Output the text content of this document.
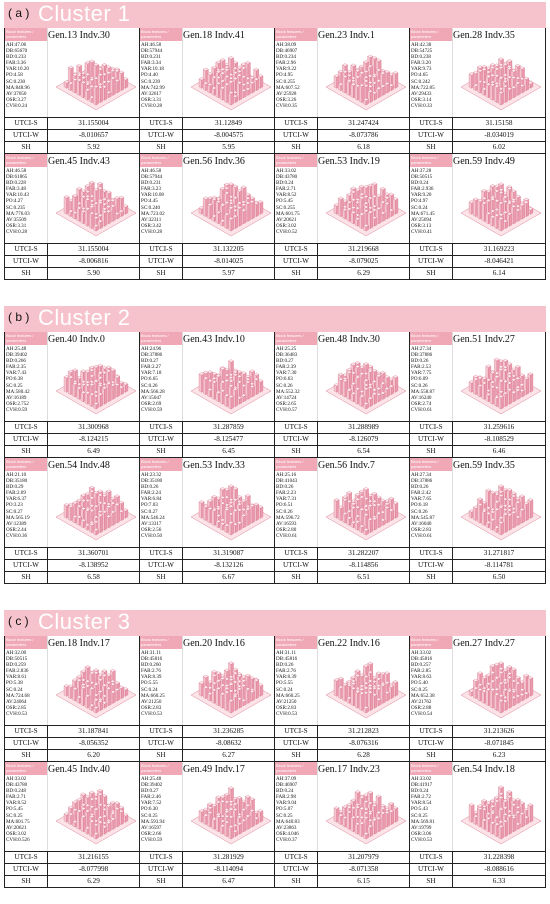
( a ) Cluster 1
Block features / parameters
AH:47.06
DB:65670
BD:0.233
FAR:3.36
VAR:10.20
PO:4.58
SC:0.230
MA:848.96
AV:37050
OSR:3.27
CVH:0.24
Gen.13 Indv.30
UTCI-S	31.155004
UTCI-W	-8.010657
SH	5.92
Block features / parameters
AH:46.58
DB:57944
BD:0.231
FAR:3.34
VAR:10.18
PO:4.40
SC:0.239
MA:742.99
AV:32617
OSR:3.31
CVH:0.28
Gen.18 Indv.41
UTCI-S	31.12849
UTCI-W	-8.004575
SH	5.95
Block features / parameters
AH:38.09
DB:46907
BD:0.234
FAR:2.96
VAR:9.22
PO:4.95
SC:0.255
MA:607.52
AV:25928
OSR:3.26
CVH:0.35
Gen.23 Indv.1
UTCI-S	31.247424
UTCI-W	-8.073786
SH	6.18
Block features / parameters
AH:42.38
DB:54725
BD:0.238
FAR:3.20
VAR:9.73
PO:4.65
SC:0.242
MA:722.85
AV:29433
OSR:3.14
CVH:0.33
Gen.28 Indv.35
UTCI-S	31.15158
UTCI-W	-8.034019
SH	6.02
Block features / parameters
AH:46.58
DB:61865
BD:0.228
FAR:3.48
VAR:10.43
PO:4.27
SC:0.235
MA:776.03
AV:35509
OSR:3.31
CVH:0.28
Gen.45 Indv.43
UTCI-S	31.155004
UTCI-W	-8.006816
SH	5.90
Block features / parameters
AH:46.58
DB:57944
BD:0.231
FAR:3.23
VAR:10.08
PO:4.45
SC:0.240
MA:723.02
AV:32311
OSR:3.42
CVH:0.28
Gen.56 Indv.36
UTCI-S	31.132205
UTCI-W	-8.014025
SH	5.97
Block features / parameters
AH:33.02
DB:43780
BD:0.24
FAR:2.71
VAR:8.52
PO:5.45
SC:0.255
MA:601.75
AV:20621
OSR:3.02
CVH:0.52
Gen.53 Indv.19
UTCI-S	31.219668
UTCI-W	-8.079025
SH	6.29
Block features / parameters
AH:37.28
DB:50515
BD:0.24
FAR:2.936
VAR:9.20
PO:4.97
SC:0.24
MA:671.45
AV:25694
OSR:3.13
CVH:0.41
Gen.59 Indv.49
UTCI-S	31.169223
UTCI-W	-8.046421
SH	6.14
( b ) Cluster 2
Block features / parameters
AH:25.48
DB:39402
BD:0.266
FAR:2.35
VAR:7.43
PO:6.38
SC:0.25
MA:580.42
AV:16189
OSR:2.752
CVH:0.59
Gen.40 Indv.0
UTCI-S	31.300968
UTCI-W	-8.124215
SH	6.49
Block features / parameters
AH:24.96
DB:37886
BD:0.27
FAR:2.27
VAR:7.18
PO:6.65
SC:0.26
MA:566.28
AV:15047
OSR:2.69
CVH:0.59
Gen.43 Indv.10
UTCI-S	31.287859
UTCI-W	-8.125477
SH	6.45
Block features / parameters
AH:25.25
DB:36483
BD:0.27
FAR:2.39
VAR:7.30
PO:6.63
SC:0.26
MA:552.32
AV:14724
OSR:2.65
CVH:0.57
Gen.48 Indv.30
UTCI-S	31.288989
UTCI-W	-8.126079
SH	6.54
Block features / parameters
AH:27.34
DB:37886
BD:0.26
FAR:2.53
VAR:7.75
PO:6.09
SC:0.26
MA:558.87
AV:16240
OSR:2.74
CVH:0.61
Gen.51 Indv.27
UTCI-S	31.259616
UTCI-W	-8.108529
SH	6.46
Block features / parameters
AH:21.10
DB:35180
BD:0.29
FAR:2.09
VAR:6.37
PO:3.23
SC:0.27
MA:565.19
AV:12389
OSR:2.44
CVH:0.36
Gen.54 Indv.48
UTCI-S	31.360701
UTCI-W	-8.138952
SH	6.58
Block features / parameters
AH:23.32
DB:35180
BD:0.26
FAR:2.24
VAR:6.84
PO:7.03
SC:0.27
MA:546.24
AV:13317
OSR:2.56
CVH:0.50
Gen.53 Indv.33
UTCI-S	31.319087
UTCI-W	-8.132126
SH	6.67
Block features / parameters
AH:25.16
DB:41043
BD:0.26
FAR:2.23
VAR:7.31
PO:6.51
SC:0.26
MA:596.72
AV:16593
OSR:2.80
CVH:0.61
Gen.56 Indv.7
UTCI-S	31.282207
UTCI-W	-8.114856
SH	6.51
Block features / parameters
AH:27.34
DB:37886
BD:0.26
FAR:2.42
VAR:7.65
PO:6.18
SC:0.26
MA:545.87
AV:16040
OSR:2.83
CVH:0.61
Gen.59 Indv.35
UTCI-S	31.271817
UTCI-W	-8.114781
SH	6.50
( c ) Cluster 3
Block features / parameters
AH:32.00
DB:50515
BD:0.259
FAR:2.836
VAR:8.61
PO:5.38
SC:0.24
MA:724.68
AV:24064
OSR:2.85
CVH:0.53
Gen.18 Indv.17
UTCI-S	31.187841
UTCI-W	-8.056352
SH	6.20
Block features / parameters
AH:31.11
DB:45816
BD:0.260
FAR:2.76
VAR:8.39
PO:5.55
SC:0.24
MA:660.25
AV:21250
OSR:2.83
CVH:0.53
Gen.20 Indv.16
UTCI-S	31.236285
UTCI-W	-8.08632
SH	6.27
Block features / parameters
AH:31.11
DB:45816
BD:0.26
FAR:2.76
VAR:8.39
PO:5.55
SC:0.24
MA:660.25
AV:21250
OSR:2.83
CVH:0.53
Gen.22 Indv.16
UTCI-S	31.212823
UTCI-W	-8.076316
SH	6.28
Block features / parameters
AH:33.02
DB:45816
BD:0.257
FAR:2.85
VAR:8.63
PO:5.40
SC:0.25
MA:652.38
AV:21762
OSR:2.88
CVH:0.54
Gen.27 Indv.27
UTCI-S	31.213626
UTCI-W	-8.071845
SH	6.23
Block features / parameters
AH:33.02
DB:43780
BD:0.248
FAR:2.71
VAR:8.52
PO:5.45
SC:0.25
MA:601.75
AV:20621
OSR:3.02
CVH:0.526
Gen.45 Indv.40
UTCI-S	31.216155
UTCI-W	-8.077998
SH	6.29
Block features / parameters
AH:25.48
DB:39402
BD:0.27
FAR:2.46
VAR:7.52
PO:6.30
SC:0.25
MA:593.94
AV:16597
OSR:2.66
CVH:0.59
Gen.49 Indv.17
UTCI-S	31.281929
UTCI-W	-8.114094
SH	6.47
Block features / parameters
AH:37.09
DB:46907
BD:0.24
FAR:2.98
VAR:9.04
PO:5.07
SC:0.25
MA:640.83
AV:23863
OSR:4.046
CVH:0.37
Gen.17 Indv.23
UTCI-S	31.207979
UTCI-W	-8.071358
SH	6.15
Block features / parameters
AH:33.02
DB:41917
BD:0.24
FAR:2.72
VAR:8.54
PO:5.43
SC:0.25
MA:569.81
AV:19799
OSR:3.06
CVH:0.53
Gen.54 Indv.18
UTCI-S	31.228398
UTCI-W	-8.088616
SH	6.33
